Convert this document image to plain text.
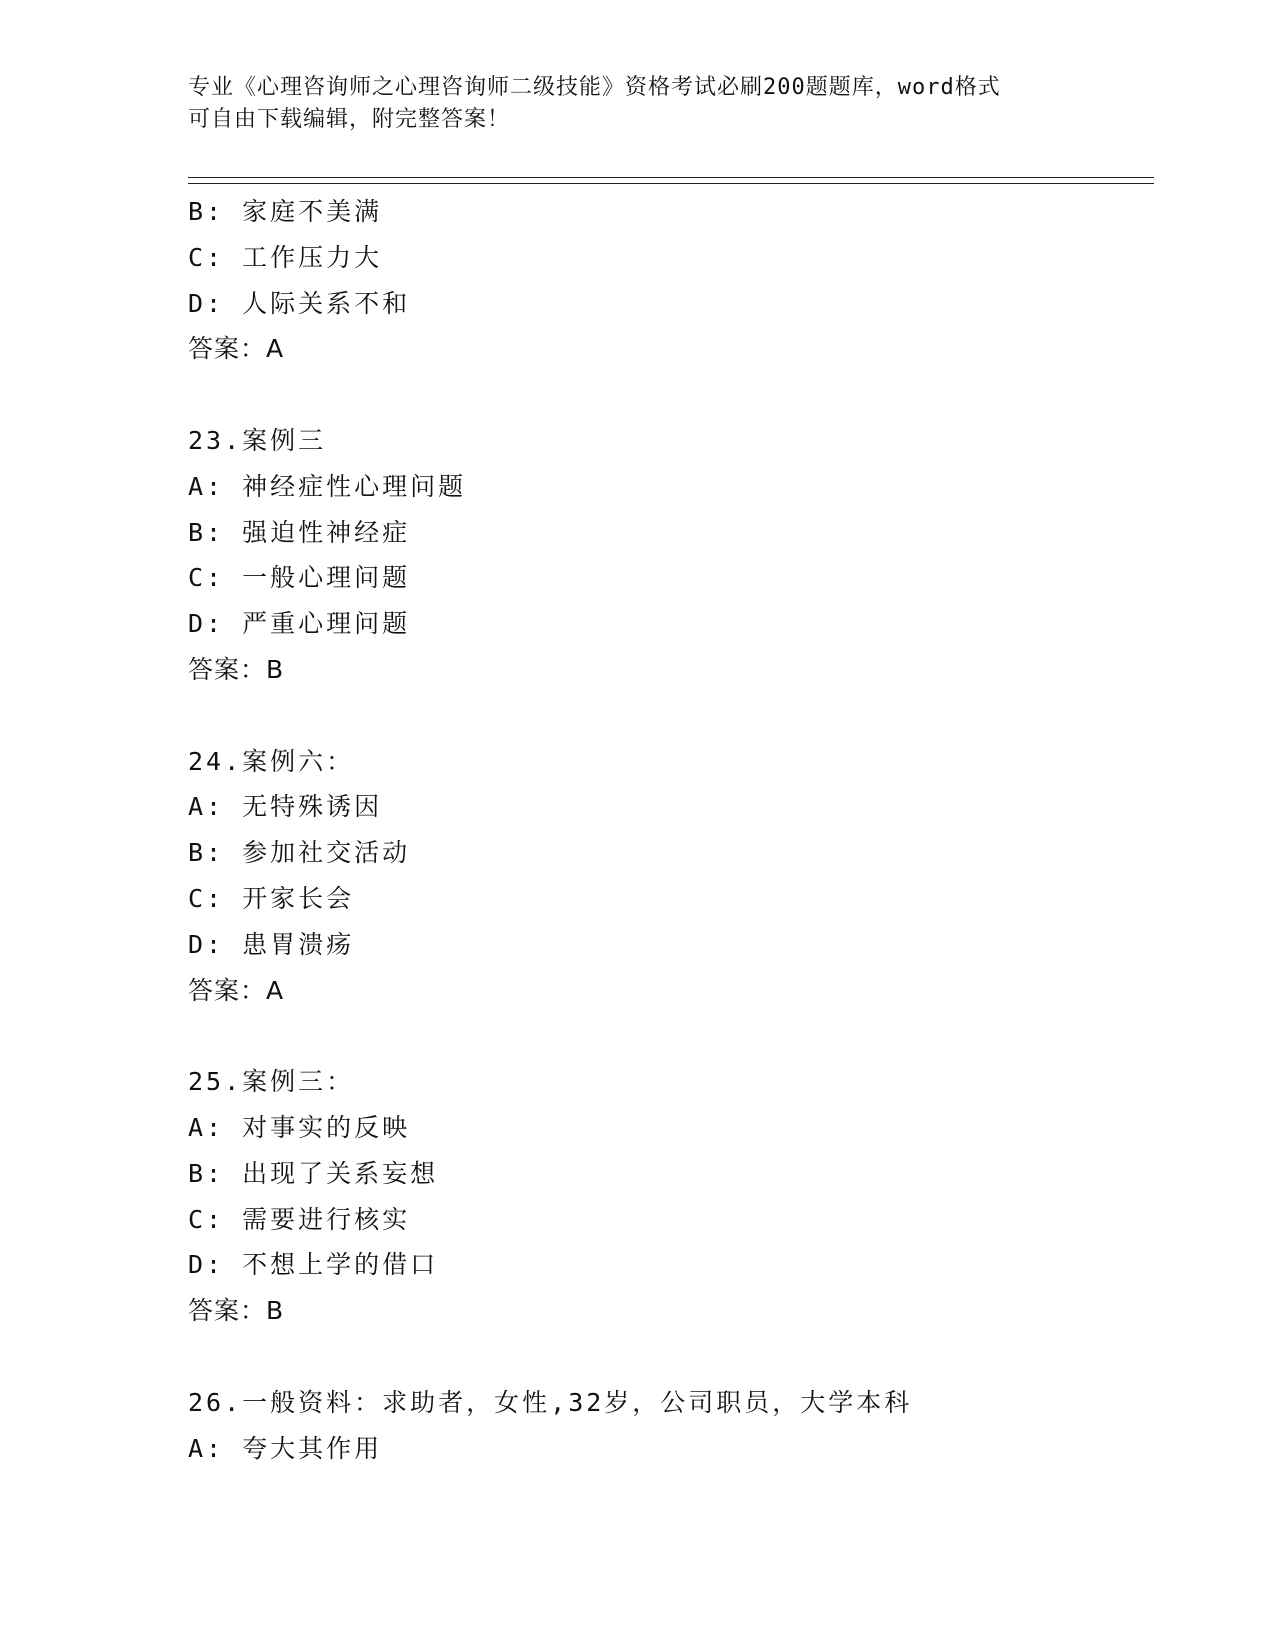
专业《心理咨询师之心理咨询师二级技能》资格考试必刷200题题库，word格式
可自由下载编辑，附完整答案！
B: 家庭不美满
C: 工作压力大
D: 人际关系不和
答案：A
23.案例三
A: 神经症性心理问题
B: 强迫性神经症
C: 一般心理问题
D: 严重心理问题
答案：B
24.案例六：
A: 无特殊诱因
B: 参加社交活动
C: 开家长会
D: 患胃溃疡
答案：A
25.案例三：
A: 对事实的反映
B: 出现了关系妄想
C: 需要进行核实
D: 不想上学的借口
答案：B
26.一般资料：求助者，女性,32岁，公司职员，大学本科
A: 夸大其作用
